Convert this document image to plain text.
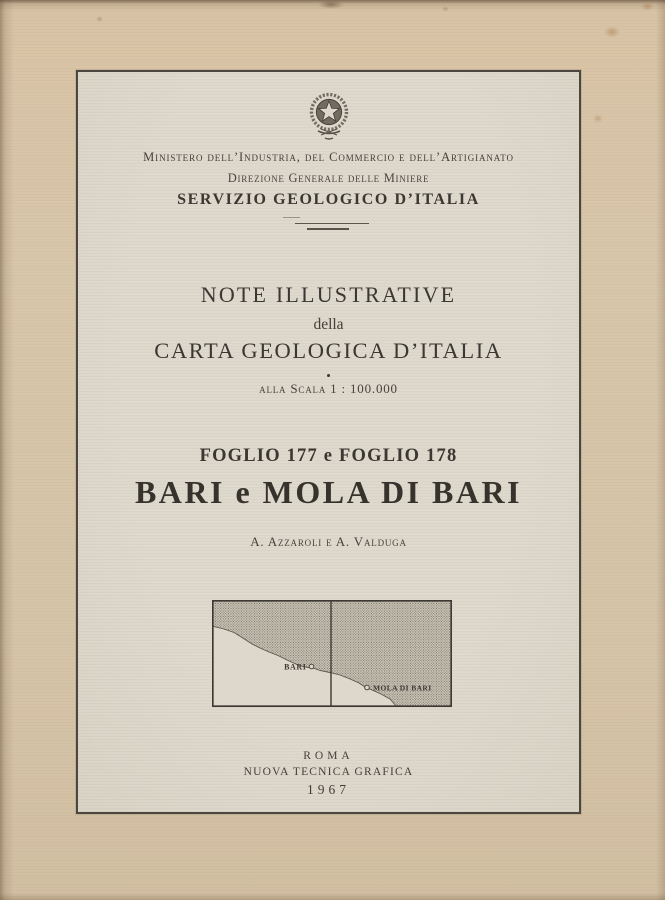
Ministero dell’Industria, del Commercio e dell’Artigianato
Direzione Generale delle Miniere
SERVIZIO GEOLOGICO D’ITALIA
NOTE ILLUSTRATIVE
della
CARTA GEOLOGICA D’ITALIA
•
alla Scala 1 : 100.000
FOGLIO 177 e FOGLIO 178
BARI e MOLA DI BARI
A. Azzaroli e A. Valduga
BARI
MOLA DI BARI
ROMA
NUOVA TECNICA GRAFICA
1967
